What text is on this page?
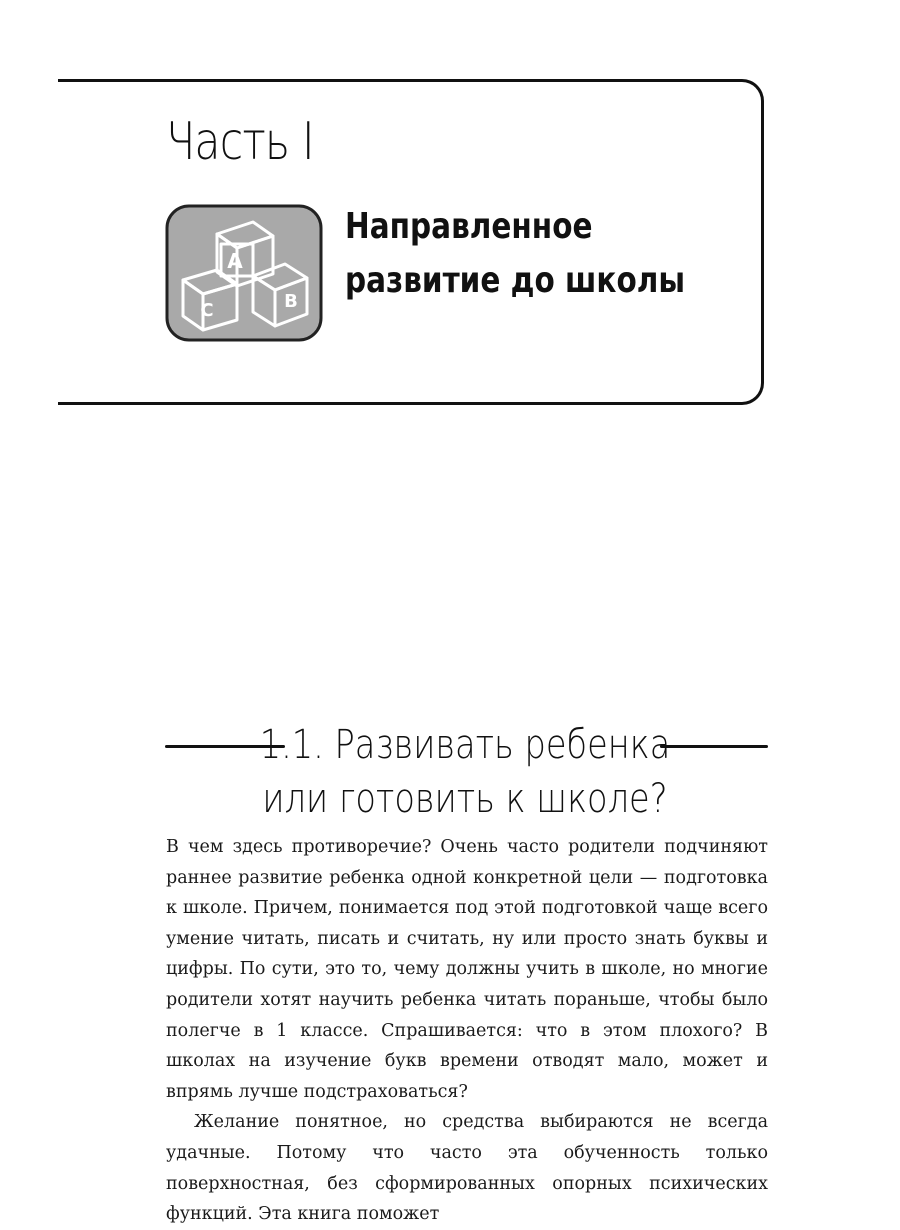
Часть I
A
C	B
Направленное
развитие до школы
1.1. Развивать ребенка
или готовить к школе?

В чем здесь противоречие? Очень часто родители подчиняют раннее развитие ребенка одной конкретной цели — подготовка к школе. Причем, понимается под этой подготовкой чаще всего умение читать, писать и считать, ну или просто знать буквы и цифры. По сути, это то, чему должны учить в школе, но многие родители хотят научить ребенка читать пораньше, чтобы было полегче в 1 классе. Спрашивается: что в этом плохого? В школах на изучение букв времени отводят мало, может и впрямь лучше подстраховаться?

Желание понятное, но средства выбираются не всегда удачные. Потому что часто эта обученность только поверхностная, без сформированных опорных психических функций. Эта книга поможет
